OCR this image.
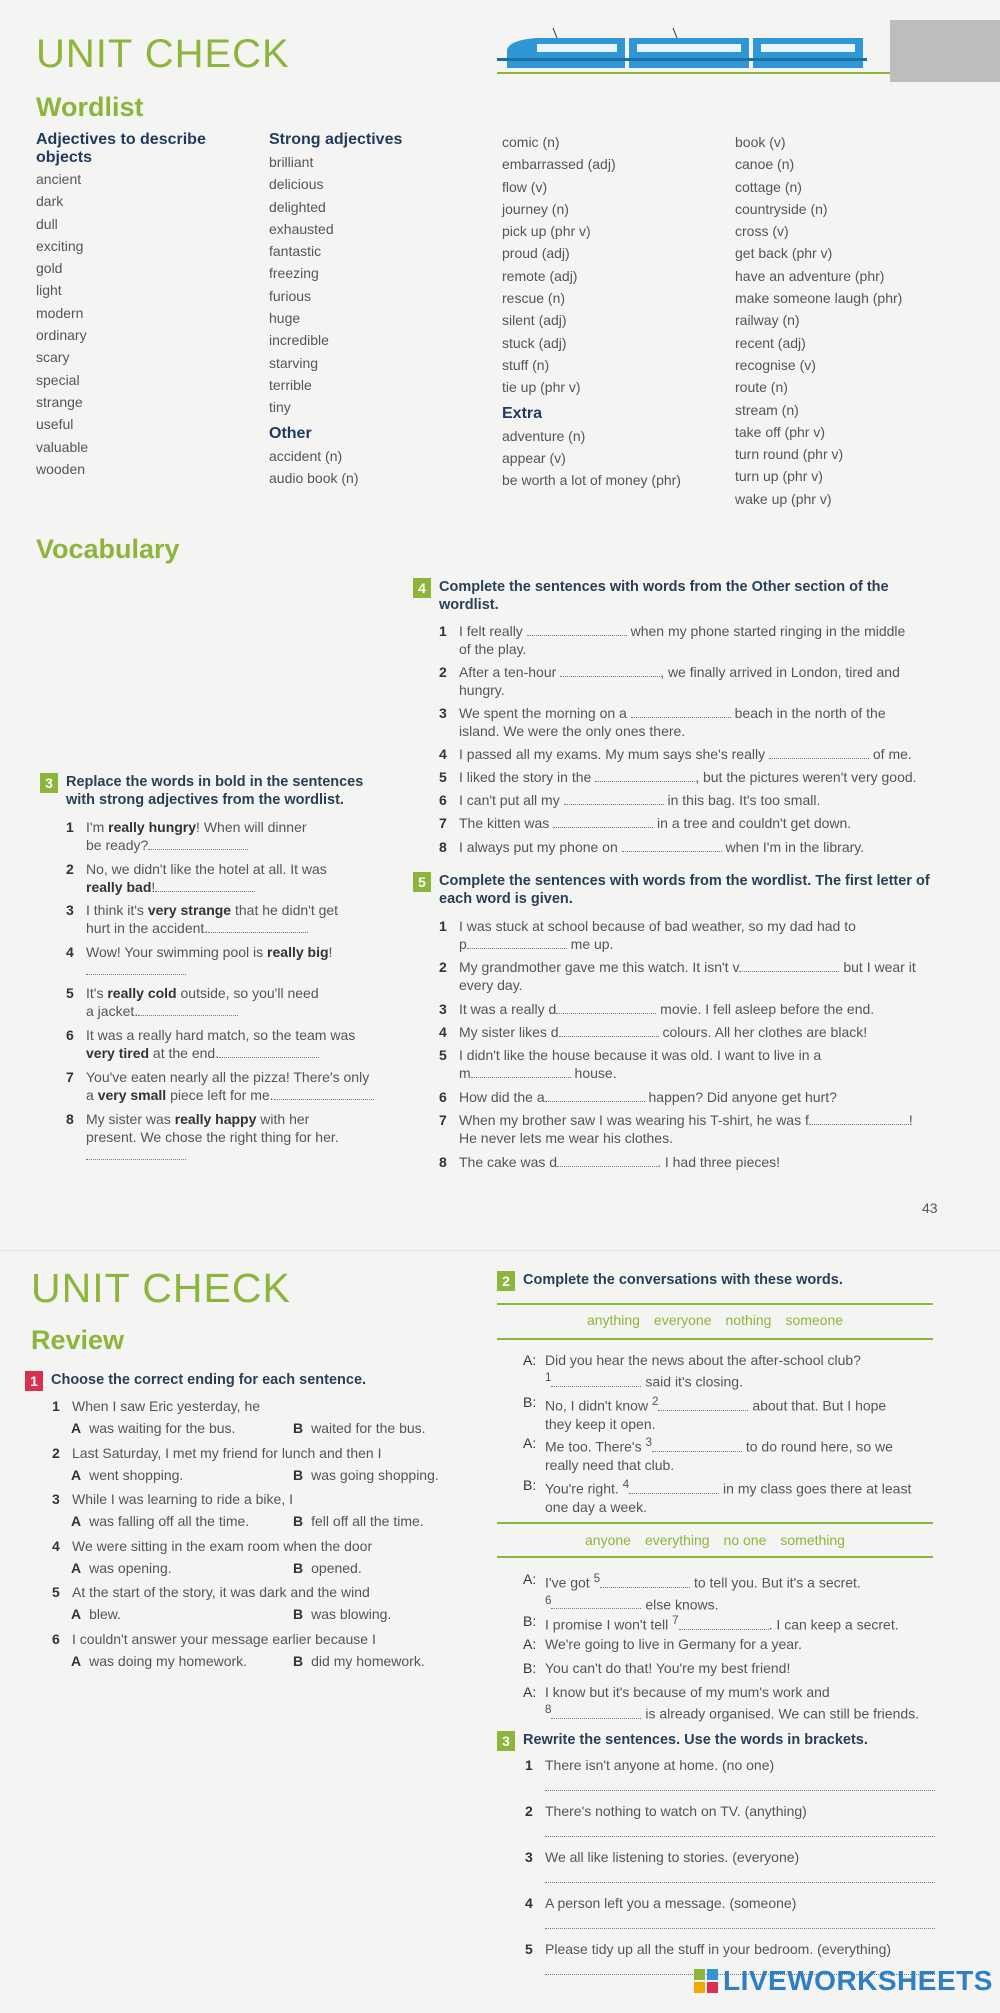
UNIT CHECK
Wordlist
Adjectives to describe objects
ancient
dark
dull
exciting
gold
light
modern
ordinary
scary
special
strange
useful
valuable
wooden
Strong adjectives
brilliant
delicious
delighted
exhausted
fantastic
freezing
furious
huge
incredible
starving
terrible
tiny
Other
accident (n)
audio book (n)
comic (n)
embarrassed (adj)
flow (v)
journey (n)
pick up (phr v)
proud (adj)
remote (adj)
rescue (n)
silent (adj)
stuck (adj)
stuff (n)
tie up (phr v)
Extra
adventure (n)
appear (v)
be worth a lot of money (phr)
book (v)
canoe (n)
cottage (n)
countryside (n)
cross (v)
get back (phr v)
have an adventure (phr)
make someone laugh (phr)
railway (n)
recent (adj)
recognise (v)
route (n)
stream (n)
take off (phr v)
turn round (phr v)
turn up (phr v)
wake up (phr v)
Vocabulary
4 Complete the sentences with words from the Other section of the wordlist.
1 I felt really	when my phone started ringing in the middle
of the play.
2 After a ten-hour	, we finally arrived in London, tired and
hungry.
3 We spent the morning on a	beach in the north of the
island. We were the only ones there.
4 I passed all my exams. My mum says she's really	of me.
5 I liked the story in the	, but the pictures weren't very good.
6 I can't put all my	in this bag. It's too small.
7 The kitten was	in a tree and couldn't get down.
8 I always put my phone on	when I'm in the library.
3 Replace the words in bold in the sentences
with strong adjectives from the wordlist.
1 I'm really hungry! When will dinner
be ready?
2 No, we didn't like the hotel at all. It was
really bad!
3 I think it's very strange that he didn't get
hurt in the accident.
4 Wow! Your swimming pool is really big!

5 It's really cold outside, so you'll need
a jacket.
6 It was a really hard match, so the team was
very tired at the end.
7 You've eaten nearly all the pizza! There's only
a very small piece left for me.
8 My sister was really happy with her
present. We chose the right thing for her.

5 Complete the sentences with words from the wordlist. The first letter of each word is given.
1 I was stuck at school because of bad weather, so my dad had to
p	me up.
2 My grandmother gave me this watch. It isn't v	but I wear it
every day.
3 It was a really d	movie. I fell asleep before the end.
4 My sister likes d	colours. All her clothes are black!
5 I didn't like the house because it was old. I want to live in a
m	house.
6 How did the a	happen? Did anyone get hurt?
7 When my brother saw I was wearing his T-shirt, he was f	!
He never lets me wear his clothes.
8 The cake was d	. I had three pieces!
43
UNIT CHECK
Review
1 Choose the correct ending for each sentence.
1 When I saw Eric yesterday, he
A was waiting for the bus.	B waited for the bus.
2 Last Saturday, I met my friend for lunch and then I
A went shopping.	B was going shopping.
3 While I was learning to ride a bike, I
A was falling off all the time.	B fell off all the time.
4 We were sitting in the exam room when the door
A was opening.	B opened.
5 At the start of the story, it was dark and the wind
A blew.	B was blowing.
6 I couldn't answer your message earlier because I
A was doing my homework.	B did my homework.
2 Complete the conversations with these words.
anything everyone nothing someone
A: Did you hear the news about the after-school club?
$^1$	said it's closing.
B: No, I didn't know $^2$	about that. But I hope
they keep it open.
A: Me too. There's $^3$	to do round here, so we
really need that club.
B: You're right. $^4$	in my class goes there at least
one day a week.
anyone everything no one something
A: I've got $^5$	to tell you. But it's a secret.
$^6$	else knows.
B: I promise I won't tell $^7$	. I can keep a secret.
A: We're going to live in Germany for a year.
B: You can't do that! You're my best friend!
A: I know but it's because of my mum's work and
$^8$	is already organised. We can still be friends.
3 Rewrite the sentences. Use the words in brackets.
1 There isn't anyone at home. (no one)
2 There's nothing to watch on TV. (anything)
3 We all like listening to stories. (everyone)
4 A person left you a message. (someone)
5 Please tidy up all the stuff in your bedroom. (everything)
LIVEWORKSHEETS
